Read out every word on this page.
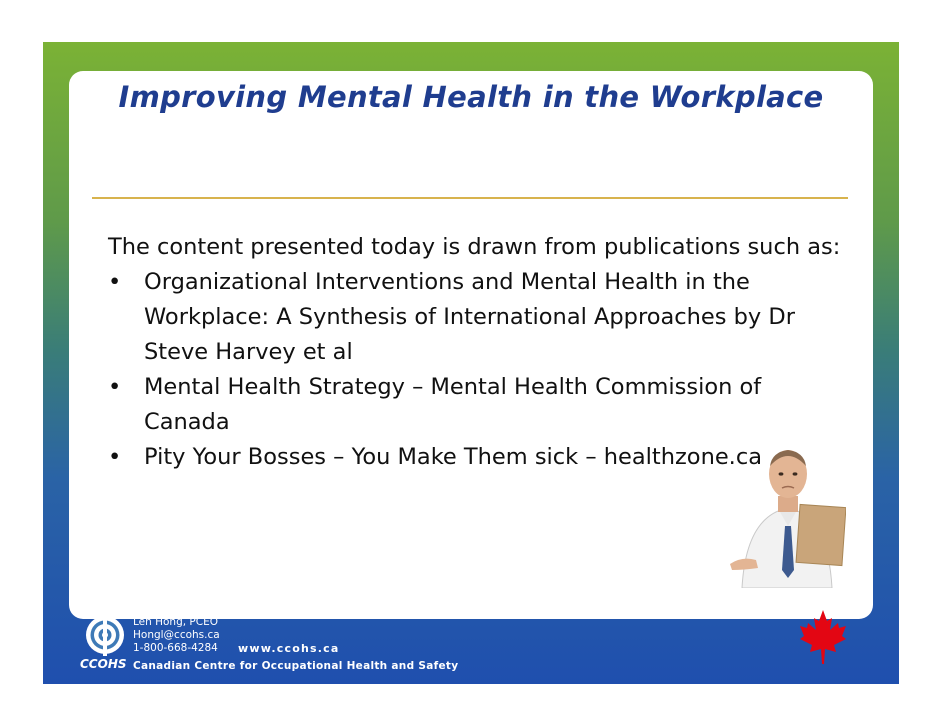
Improving Mental Health in the Workplace

The content presented today is drawn from publications such as:

• Organizational Interventions and Mental Health in the Workplace: A Synthesis of International Approaches by Dr Steve Harvey et al
• Mental Health Strategy – Mental Health Commission of Canada
• Pity Your Bosses – You Make Them sick – healthzone.ca
CCOHS
Len Hong, PCEO
Hongl@ccohs.ca
1-800-668-4284 www.ccohs.ca
Canadian Centre for Occupational Health and Safety
